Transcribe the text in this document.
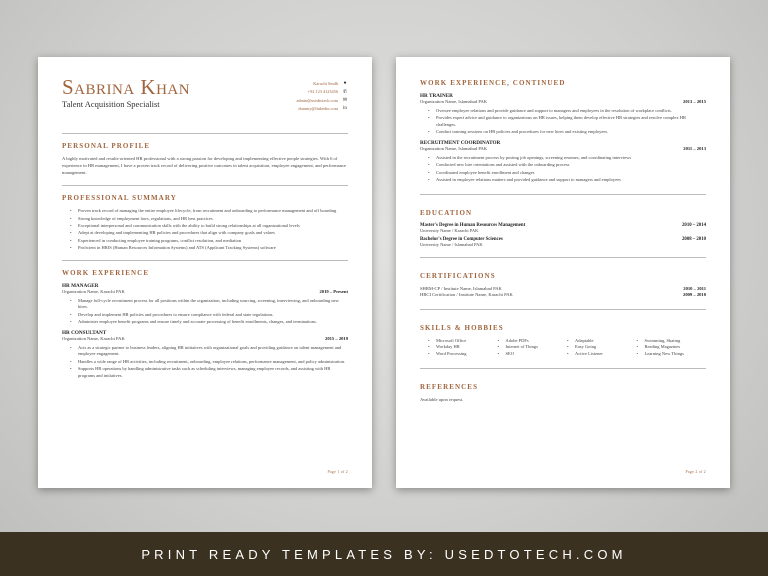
Sabrina Khan
Talent Acquisition Specialist
Karachi Sindh ●
+92 123 4123456 ✆
admin@usedtotech.com ✉
dummy@linkedin.com in
PERSONAL PROFILE
A highly motivated and results-oriented HR professional with a strong passion for developing and implementing effective people strategies. With 6 of experience in HR management, I have a proven track record of delivering positive outcomes in talent acquisition, employee engagement, and performance management.
PROFESSIONAL SUMMARY
• Proven track record of managing the entire employee lifecycle, from recruitment and onboarding to performance management and off boarding
• Strong knowledge of employment laws, regulations, and HR best practices
• Exceptional interpersonal and communication skills with the ability to build strong relationships at all organizational levels
• Adept at developing and implementing HR policies and procedures that align with company goals and values
• Experienced in conducting employee training programs, conflict resolution, and mediation
• Proficient in HRIS (Human Resources Information Systems) and ATS (Applicant Tracking Systems) software
WORK EXPERIENCE
HR MANAGER
Organization Name, Karachi PAK	2019 – Present
• Manage full-cycle recruitment process for all positions within the organization, including sourcing, screening, interviewing, and onboarding new hires.
• Develop and implement HR policies and procedures to ensure compliance with federal and state regulations.
• Administer employee benefit programs and ensure timely and accurate processing of benefit enrollments, changes, and terminations.
HR CONSULTANT
Organization Name, Karachi PAK	2015 – 2019
• Acts as a strategic partner to business leaders, aligning HR initiatives with organizational goals and providing guidance on talent management and employee engagement.
• Handles a wide range of HR activities, including recruitment, onboarding, employee relations, performance management, and policy administration.
• Supports HR operations by handling administrative tasks such as scheduling interviews, managing employee records, and assisting with HR programs and initiatives.
Page 1 of 2
WORK EXPERIENCE, CONTINUED
HR TRAINER
Organization Name, Islamabad PAK	2013 – 2015
• Oversee employee relations and provide guidance and support to managers and employees in the resolution of workplace conflicts.
• Provides expert advice and guidance to organizations on HR issues, helping them develop effective HR strategies and resolve complex HR challenges.
• Conduct training sessions on HR policies and procedures for new hires and existing employees.
RECRUITMENT COORDINATOR
Organization Name, Islamabad PAK	2011 – 2013
• Assisted in the recruitment process by posting job openings, screening resumes, and coordinating interviews
• Conducted new hire orientations and assisted with the onboarding process
• Coordinated employee benefit enrollment and changes
• Assisted in employee relations matters and provided guidance and support to managers and employees
EDUCATION
Master's Degree in Human Resources Management	2010 – 2014
University Name / Karachi PAK
Bachelor's Degree in Computer Sciences	2008 – 2010
University Name / Islamabad PAK
CERTIFICATIONS
SHRM-CP / Institute Name, Islamabad PAK	2010 – 2011
HRCI Certification / Institute Name, Karachi PAK	2009 – 2010
SKILLS & HOBBIES
• Microsoft Office	• Adobe PDFs	• Adaptable	• Swimming, Skating
• Workday HR	• Internet of Things	• Easy Going	• Reading Magazines
• Word Processing	• SEO	• Active Listener	• Learning New Things
REFERENCES
Available upon request.
Page 2 of 2
PRINT READY TEMPLATES BY: USEDTOTECH.COM
